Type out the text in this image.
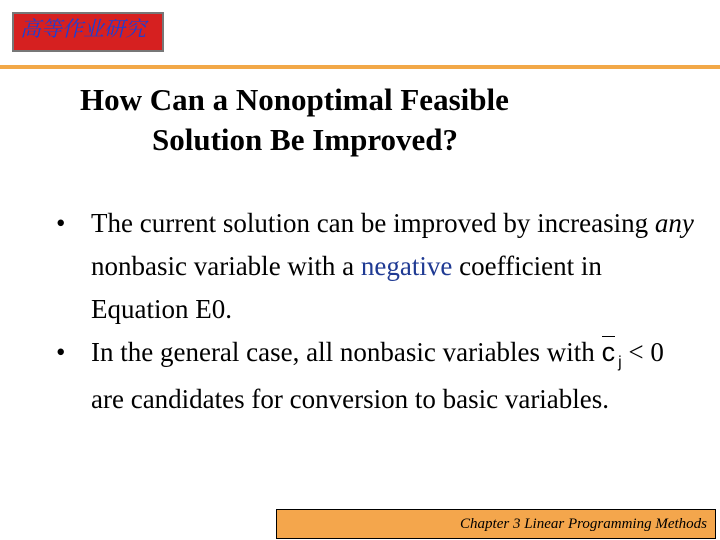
高等作业研究
How Can a Nonoptimal Feasible
Solution Be Improved?
• The current solution can be improved by increasing any nonbasic variable with a negative coefficient in Equation E0.
• In the general case, all nonbasic variables with c $_j$ < 0 are candidates for conversion to basic variables.
Chapter 3 Linear Programming Methods
